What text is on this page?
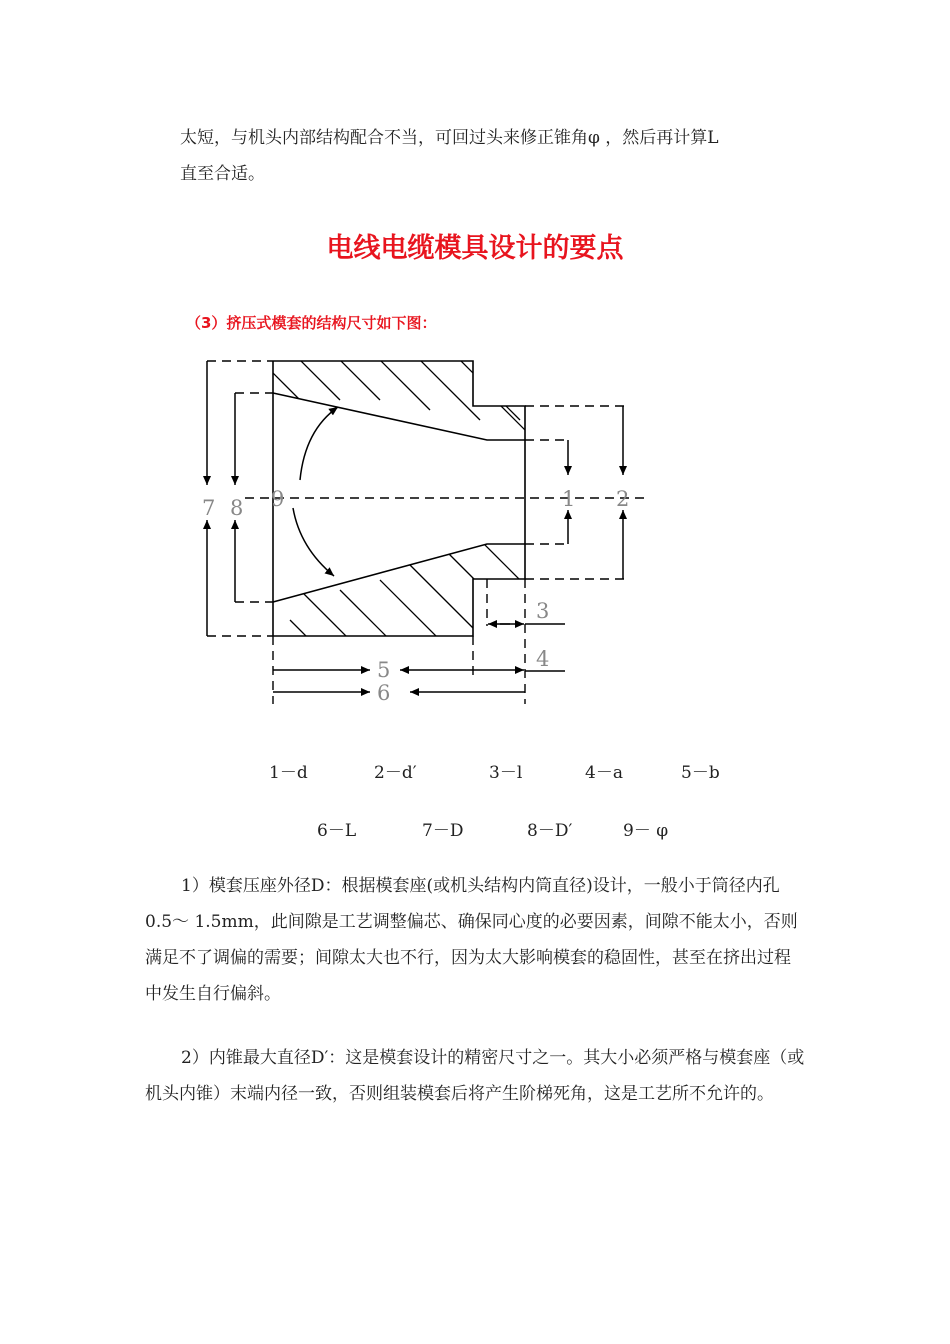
太短，与机头内部结构配合不当，可回过头来修正锥角φ ，然后再计算L
直至合适。
电线电缆模具设计的要点
（3）挤压式模套的结构尺寸如下图：
1 2
3
4
5
6
7 8 9
1－d	2－d′	3－l	4－a	5－b
6－L	7－D	8－D′	9－ φ

1）模套压座外径D：根据模套座(或机头结构内筒直径)设计，一般小于筒径内孔0.5～ 1.5mm，此间隙是工艺调整偏芯、确保同心度的必要因素，间隙不能太小，否则满足不了调偏的需要；间隙太大也不行，因为太大影响模套的稳固性，甚至在挤出过程中发生自行偏斜。

2）内锥最大直径D′：这是模套设计的精密尺寸之一。其大小必须严格与模套座（或机头内锥）末端内径一致，否则组装模套后将产生阶梯死角，这是工艺所不允许的。
